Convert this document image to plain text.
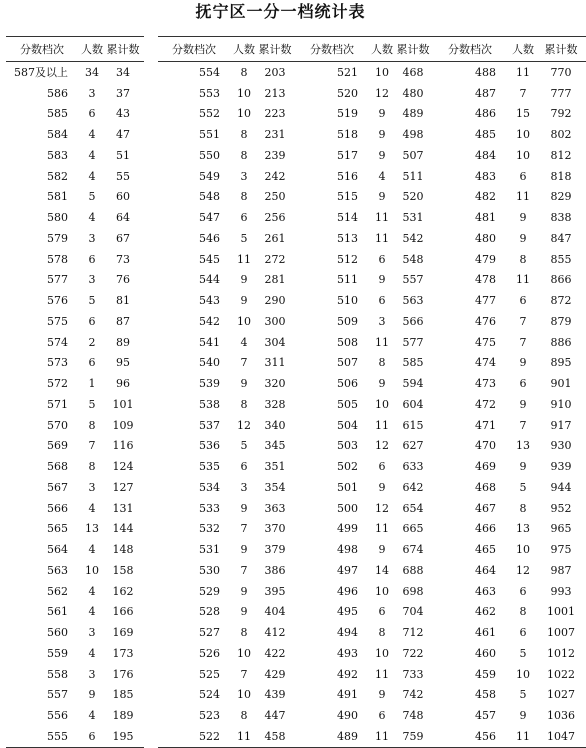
抚宁区一分一档统计表
分数档次	人数 累计数
587及以上	34	34
586	3	37
585	6	43
584	4	47
583	4	51
582	4	55
581	5	60
580	4	64
579	3	67
578	6	73
577	3	76
576	5	81
575	6	87
574	2	89
573	6	95
572	1	96
571	5	101
570	8	109
569	7	116
568	8	124
567	3	127
566	4	131
565	13	144
564	4	148
563	10	158
562	4	162
561	4	166
560	3	169
559	4	173
558	3	176
557	9	185
556	4	189
555	6	195
分数档次	人数 累计数
554	8	203
553	10	213
552	10	223
551	8	231
550	8	239
549	3	242
548	8	250
547	6	256
546	5	261
545	11	272
544	9	281
543	9	290
542	10	300
541	4	304
540	7	311
539	9	320
538	8	328
537	12	340
536	5	345
535	6	351
534	3	354
533	9	363
532	7	370
531	9	379
530	7	386
529	9	395
528	9	404
527	8	412
526	10	422
525	7	429
524	10	439
523	8	447
522	11	458
分数档次	人数 累计数
521	10	468
520	12	480
519	9	489
518	9	498
517	9	507
516	4	511
515	9	520
514	11	531
513	11	542
512	6	548
511	9	557
510	6	563
509	3	566
508	11	577
507	8	585
506	9	594
505	10	604
504	11	615
503	12	627
502	6	633
501	9	642
500	12	654
499	11	665
498	9	674
497	14	688
496	10	698
495	6	704
494	8	712
493	10	722
492	11	733
491	9	742
490	6	748
489	11	759
分数档次	人数 累计数
488	11	770
487	7	777
486	15	792
485	10	802
484	10	812
483	6	818
482	11	829
481	9	838
480	9	847
479	8	855
478	11	866
477	6	872
476	7	879
475	7	886
474	9	895
473	6	901
472	9	910
471	7	917
470	13	930
469	9	939
468	5	944
467	8	952
466	13	965
465	10	975
464	12	987
463	6	993
462	8	1001
461	6	1007
460	5	1012
459	10	1022
458	5	1027
457	9	1036
456	11	1047
